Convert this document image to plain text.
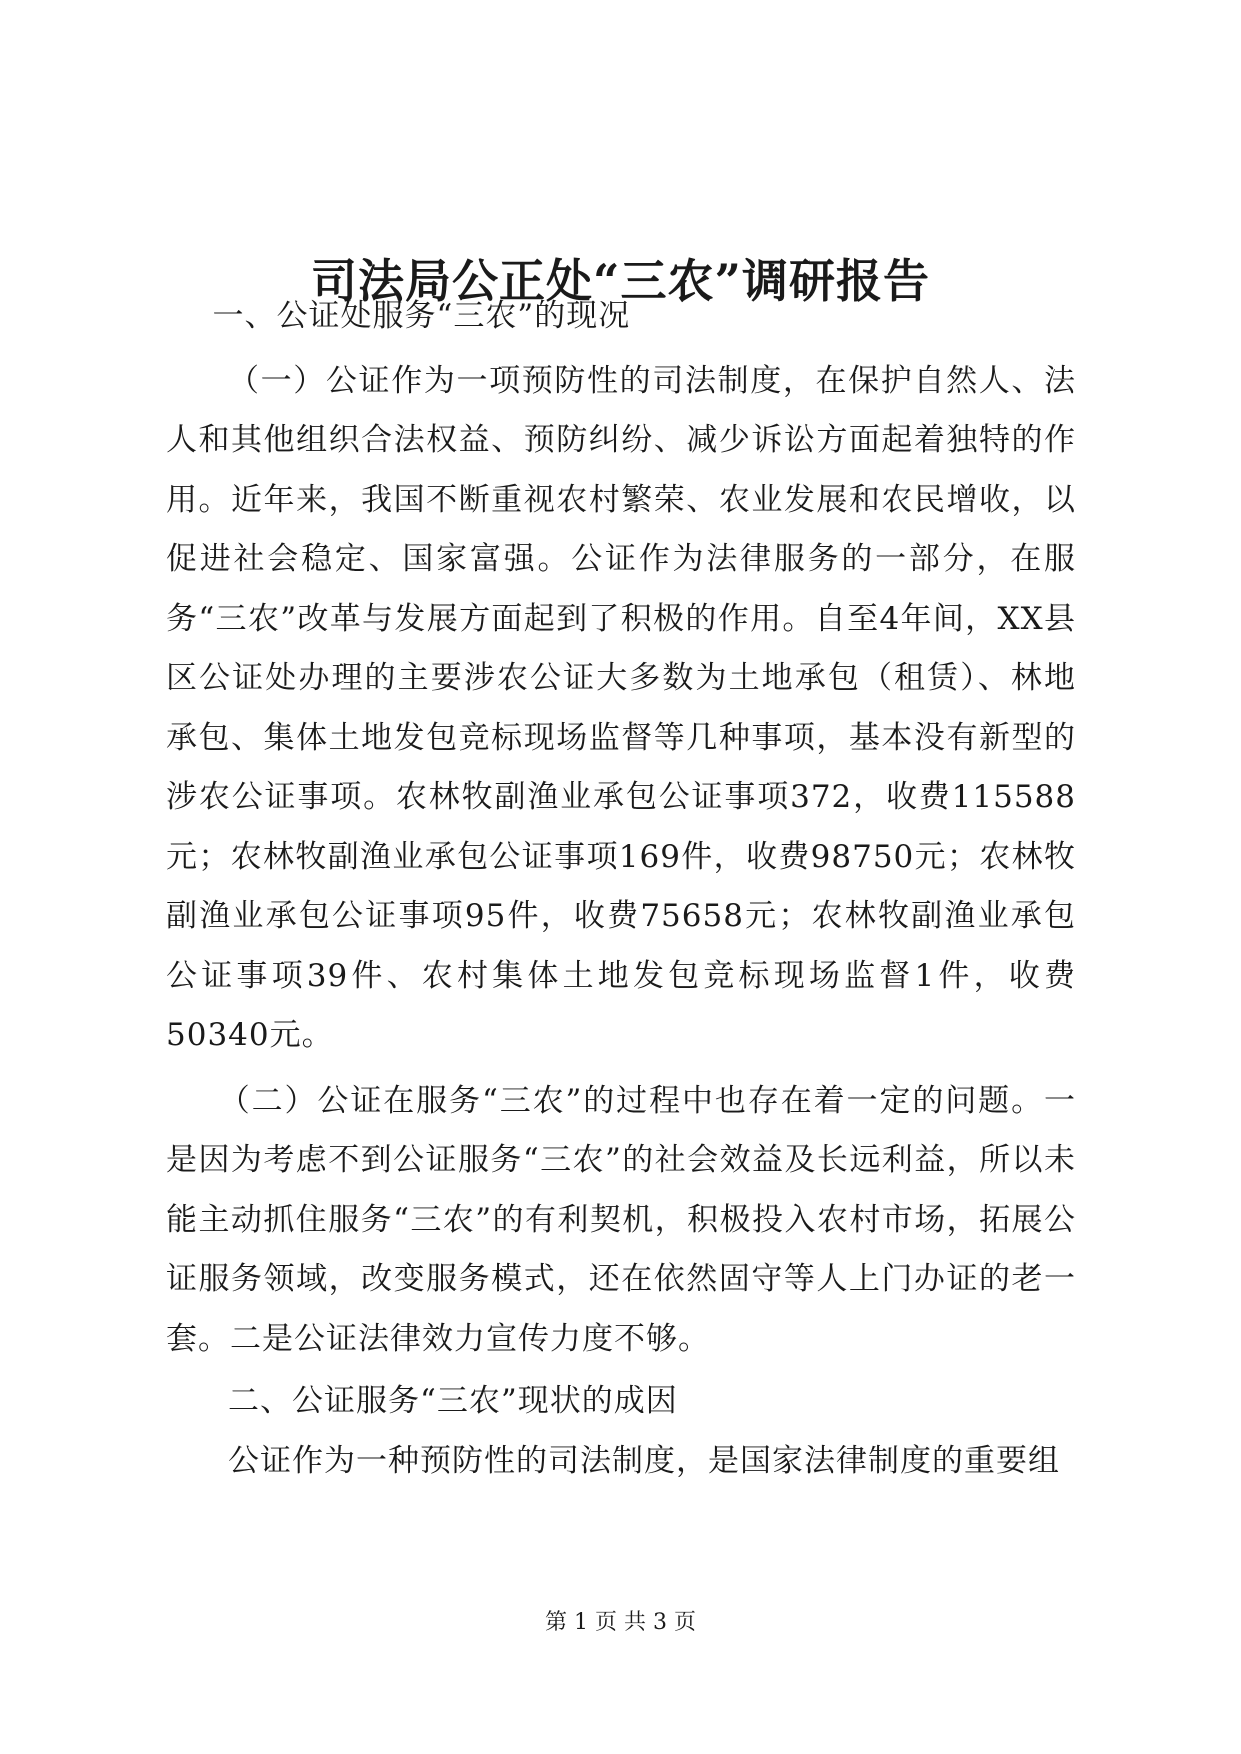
司法局公正处“三农”调研报告

一、公证处服务“三农”的现况

（一）公证作为一项预防性的司法制度，在保护自然人、法人和其他组织合法权益、预防纠纷、减少诉讼方面起着独特的作用。近年来，我国不断重视农村繁荣、农业发展和农民增收，以促进社会稳定、国家富强。公证作为法律服务的一部分，在服务“三农”改革与发展方面起到了积极的作用。自至4年间，XX县区公证处办理的主要涉农公证大多数为土地承包（租赁）、林地承包、集体土地发包竞标现场监督等几种事项，基本没有新型的涉农公证事项。农林牧副渔业承包公证事项372，收费115588元；农林牧副渔业承包公证事项169件，收费98750元；农林牧副渔业承包公证事项95件，收费75658元；农林牧副渔业承包公证事项39件、农村集体土地发包竞标现场监督1件，收费50340元。

（二）公证在服务“三农”的过程中也存在着一定的问题。一是因为考虑不到公证服务“三农”的社会效益及长远利益，所以未能主动抓住服务“三农”的有利契机，积极投入农村市场，拓展公证服务领域，改变服务模式，还在依然固守等人上门办证的老一套。二是公证法律效力宣传力度不够。

二、公证服务“三农”现状的成因

公证作为一种预防性的司法制度，是国家法律制度的重要组

第 1 页 共 3 页
